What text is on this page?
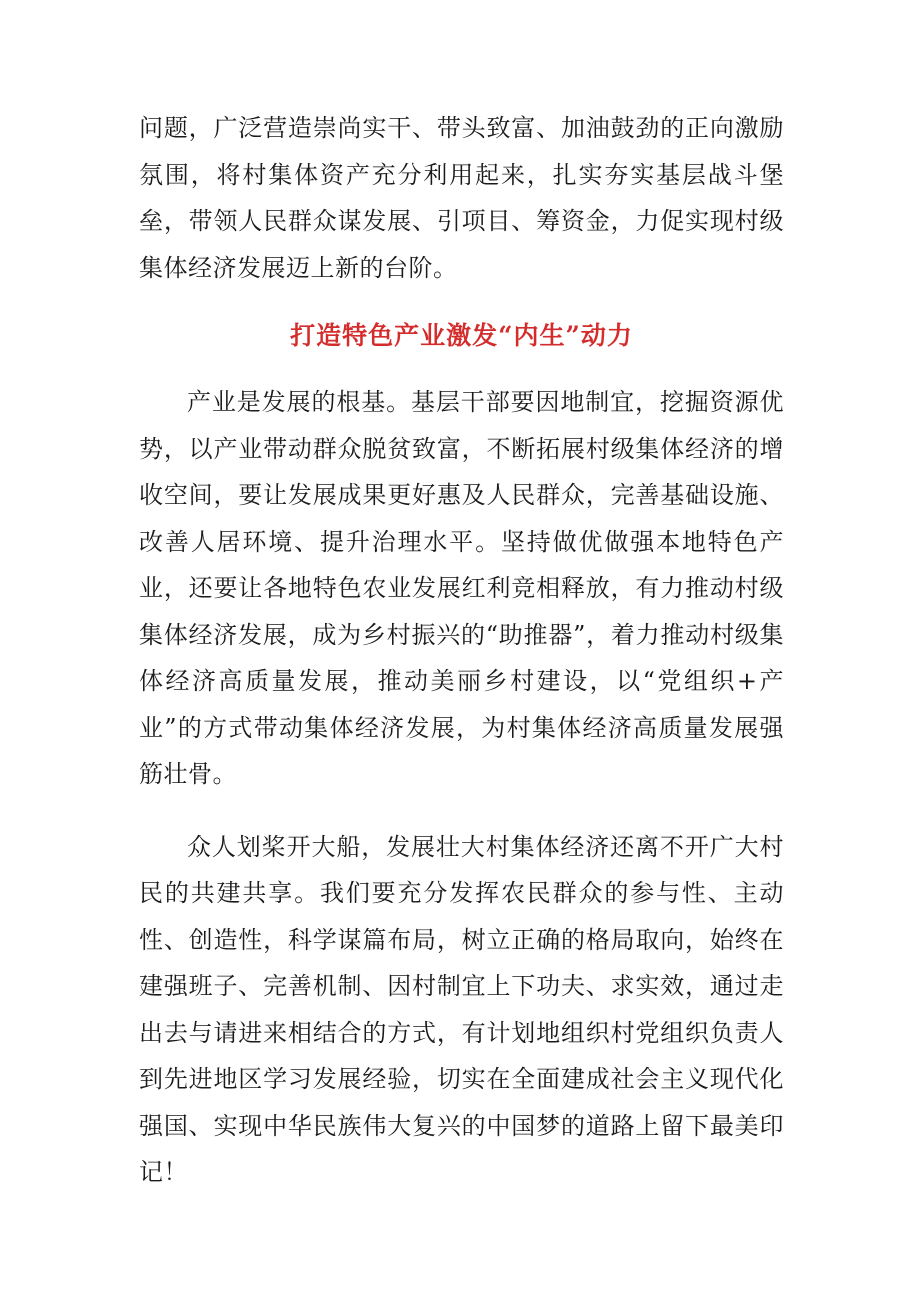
问题，广泛营造崇尚实干、带头致富、加油鼓劲的正向激励氛围，将村集体资产充分利用起来，扎实夯实基层战斗堡垒，带领人民群众谋发展、引项目、筹资金，力促实现村级集体经济发展迈上新的台阶。

打造特色产业激发“内生”动力

产业是发展的根基。基层干部要因地制宜，挖掘资源优势，以产业带动群众脱贫致富，不断拓展村级集体经济的增收空间，要让发展成果更好惠及人民群众，完善基础设施、改善人居环境、提升治理水平。坚持做优做强本地特色产业，还要让各地特色农业发展红利竞相释放，有力推动村级集体经济发展，成为乡村振兴的“助推器”，着力推动村级集体经济高质量发展，推动美丽乡村建设，以“党组织+产业”的方式带动集体经济发展，为村集体经济高质量发展强筋壮骨。

众人划桨开大船，发展壮大村集体经济还离不开广大村民的共建共享。我们要充分发挥农民群众的参与性、主动性、创造性，科学谋篇布局，树立正确的格局取向，始终在建强班子、完善机制、因村制宜上下功夫、求实效，通过走出去与请进来相结合的方式，有计划地组织村党组织负责人到先进地区学习发展经验，切实在全面建成社会主义现代化强国、实现中华民族伟大复兴的中国梦的道路上留下最美印记！
